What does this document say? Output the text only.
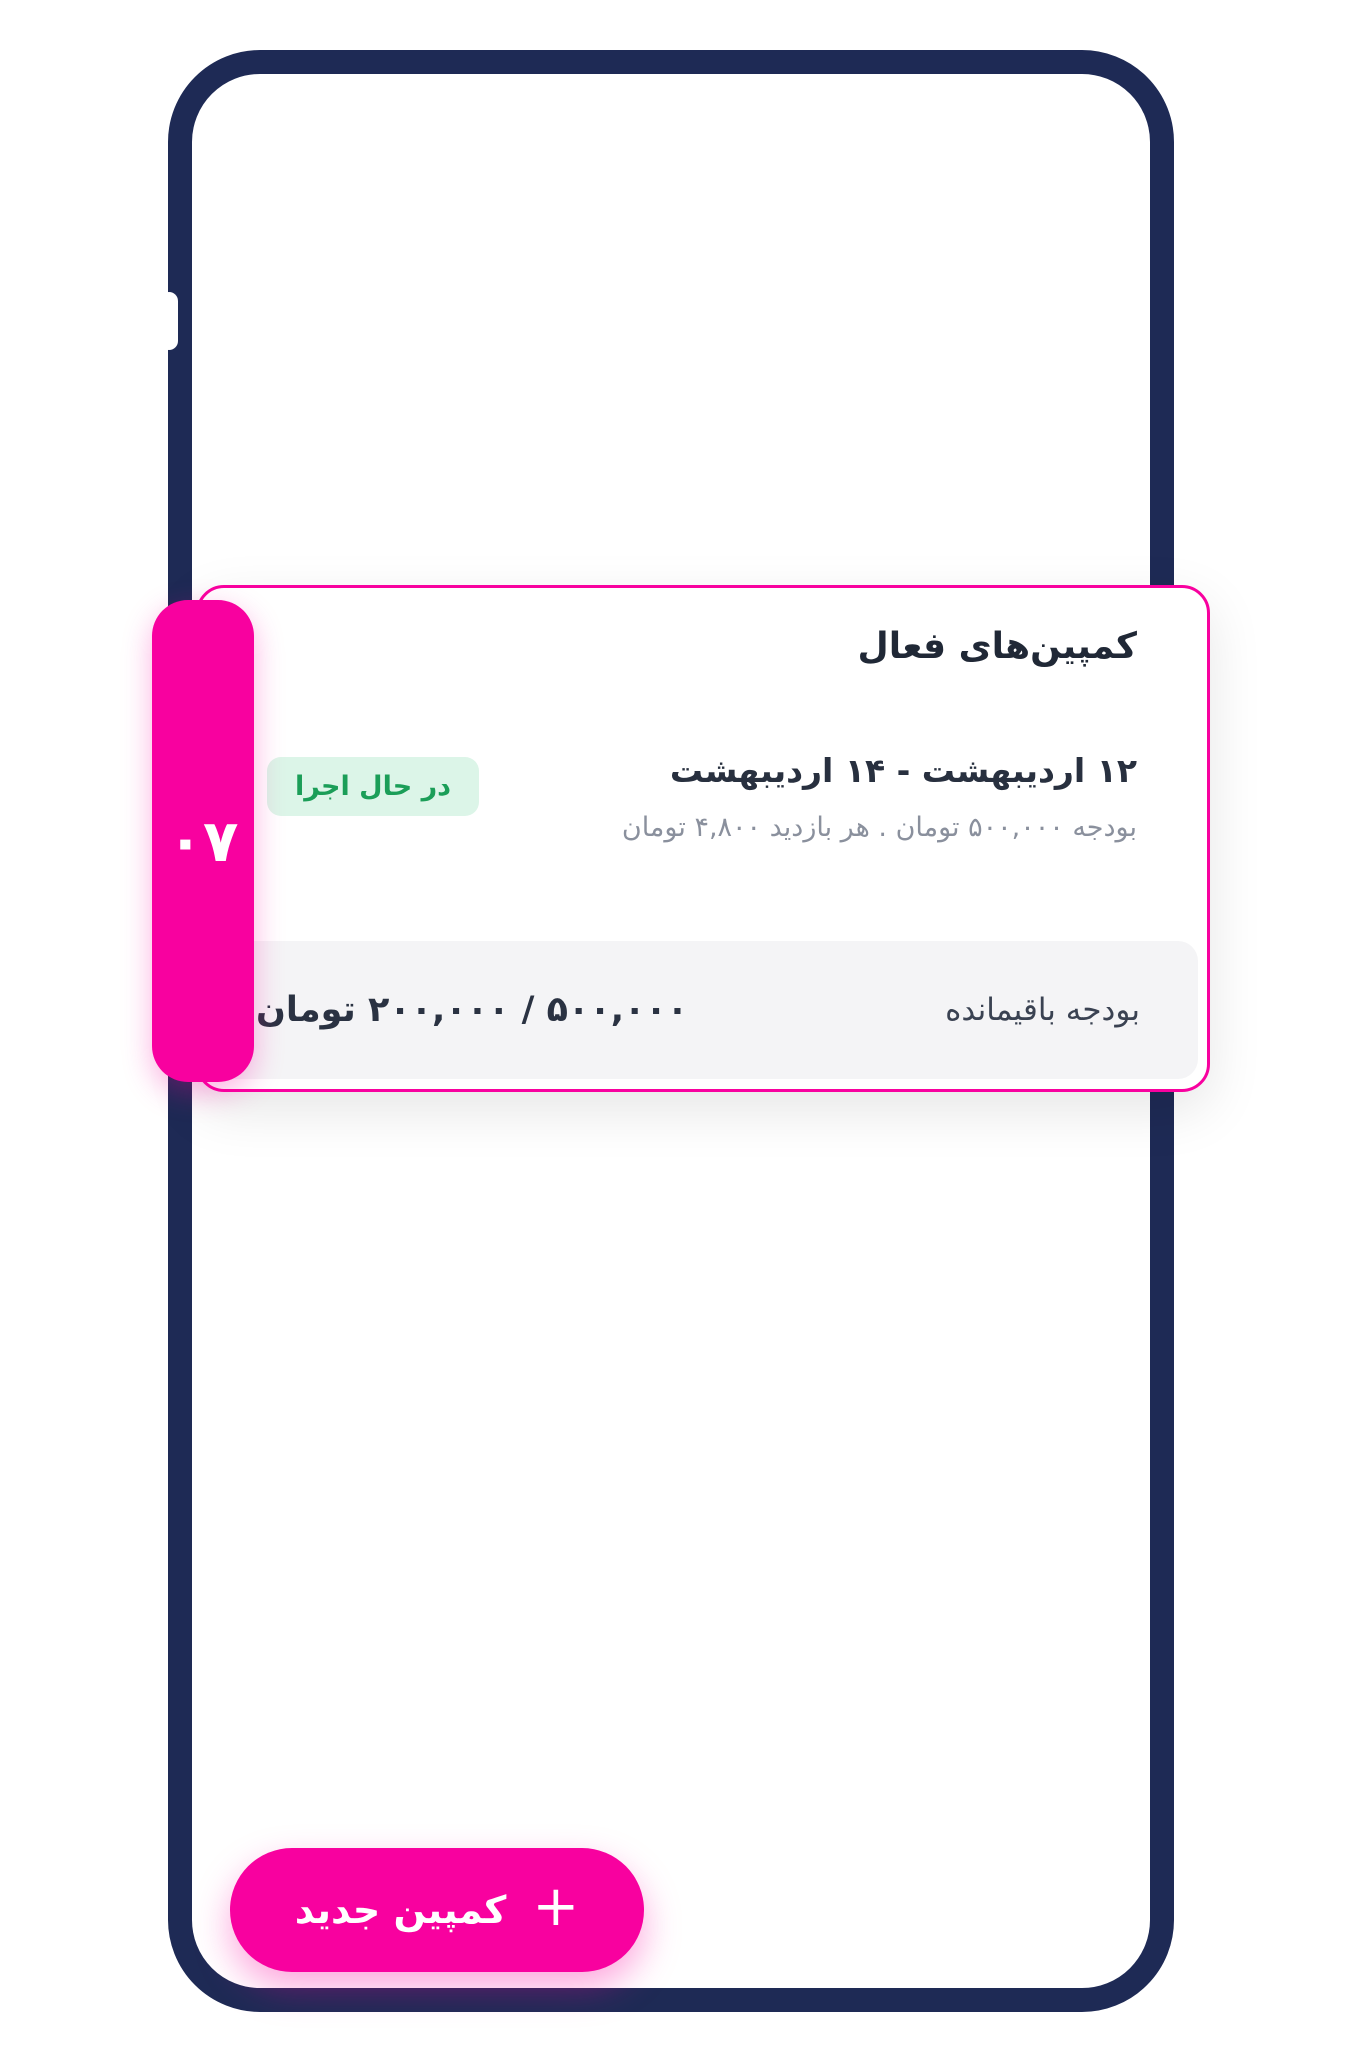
کمپین‌های فعال
۱۲ اردیبهشت - ۱۴ اردیبهشت
بودجه ۵۰۰,۰۰۰ تومان . هر بازدید ۴,۸۰۰ تومان
در حال اجرا
بودجه باقیمانده
۵۰۰,۰۰۰ / ۲۰۰,۰۰۰ تومان
۰۷
+
کمپین جدید
